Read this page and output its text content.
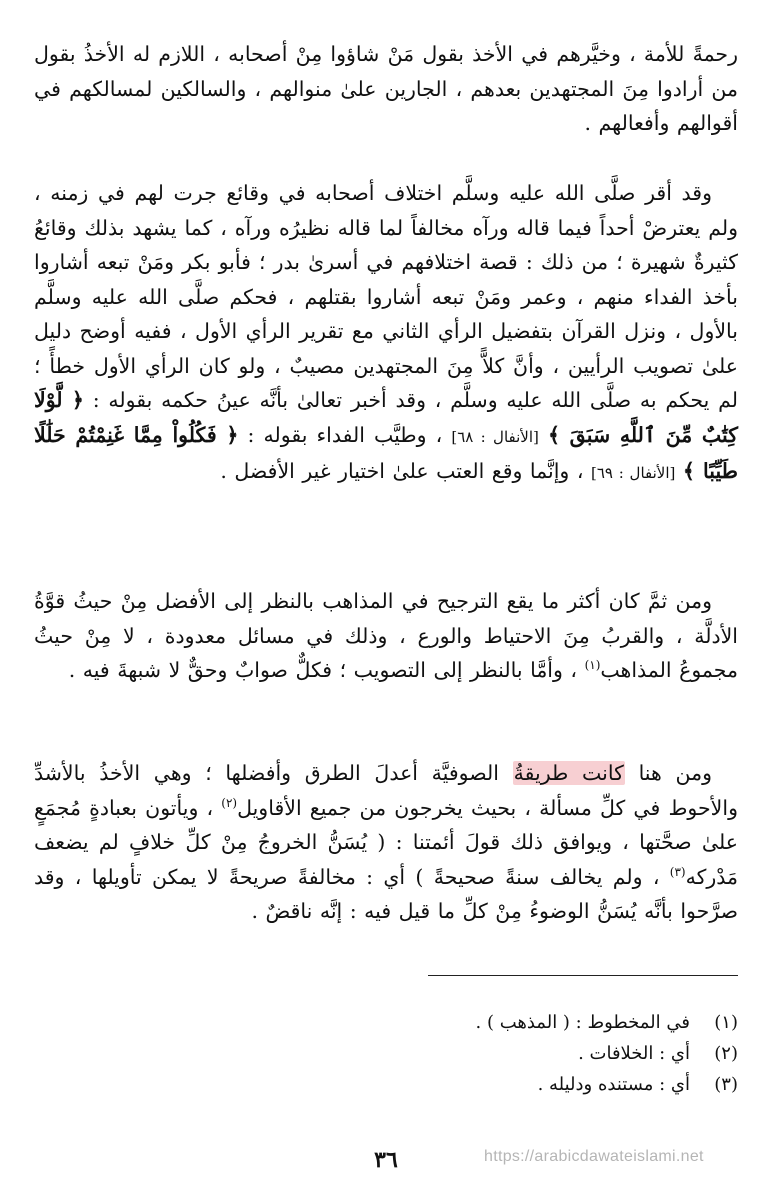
رحمةً للأمة ، وخيَّرهم في الأخذ بقول مَنْ شاؤوا مِنْ أصحابه ، اللازم له الأخذُ بقول من أرادوا مِنَ المجتهدين بعدهم ، الجارين علىٰ منوالهم ، والسالكين لمسالكهم في أقوالهم وأفعالهم .

وقد أقر صلَّى الله عليه وسلَّم اختلاف أصحابه في وقائع جرت لهم في زمنه ، ولم يعترضْ أحداً فيما قاله ورآه مخالفاً لما قاله نظيرُه ورآه ، كما يشهد بذلك وقائعُ كثيرةٌ شهيرة ؛ من ذلك : قصة اختلافهم في أسرىٰ بدر ؛ فأبو بكر ومَنْ تبعه أشاروا بأخذ الفداء منهم ، وعمر ومَنْ تبعه أشاروا بقتلهم ، فحكم صلَّى الله عليه وسلَّم بالأول ، ونزل القرآن بتفضيل الرأي الثاني مع تقرير الرأي الأول ، ففيه أوضح دليل علىٰ تصويب الرأيين ، وأنَّ كلاًّ مِنَ المجتهدين مصيبٌ ، ولو كان الرأي الأول خطأً ؛ لم يحكم به صلَّى الله عليه وسلَّم ، وقد أخبر تعالىٰ بأنَّه عينُ حكمه بقوله : ﴿ لَّوْلَا كِتَٰبٌ مِّنَ ٱللَّهِ سَبَقَ ﴾ [الأنفال : ٦٨] ، وطيَّب الفداء بقوله : ﴿ فَكُلُواْ مِمَّا غَنِمْتُمْ حَلَٰلًا طَيِّبًا ﴾ [الأنفال : ٦٩] ، وإنَّما وقع العتب علىٰ اختيار غير الأفضل .

ومن ثمَّ كان أكثر ما يقع الترجيح في المذاهب بالنظر إلى الأفضل مِنْ حيثُ قوَّةُ الأدلَّة ، والقربُ مِنَ الاحتياط والورع ، وذلك في مسائل معدودة ، لا مِنْ حيثُ مجموعُ المذاهب$^{(١)}$ ، وأمَّا بالنظر إلى التصويب ؛ فكلٌّ صوابٌ وحقٌّ لا شبهةَ فيه .

ومن هنا كانت طريقةُ الصوفيَّة أعدلَ الطرق وأفضلها ؛ وهي الأخذُ بالأشدِّ والأحوط في كلِّ مسألة ، بحيث يخرجون من جميع الأقاويل$^{(٢)}$ ، ويأتون بعبادةٍ مُجمَعٍ علىٰ صحَّتها ، ويوافق ذلك قولَ أئمتنا : ( يُسَنُّ الخروجُ مِنْ كلِّ خلافٍ لم يضعف مَدْركه$^{(٣)}$ ، ولم يخالف سنةً صحيحةً ) أي : مخالفةً صريحةً لا يمكن تأويلها ، وقد صرَّحوا بأنَّه يُسَنُّ الوضوءُ مِنْ كلِّ ما قيل فيه : إنَّه ناقضٌ .

(١)
في المخطوط : ( المذهب ) .
(٢)
أي : الخلافات .
(٣)
أي : مستنده ودليله .
٣٦	https://arabicdawateislami.net
